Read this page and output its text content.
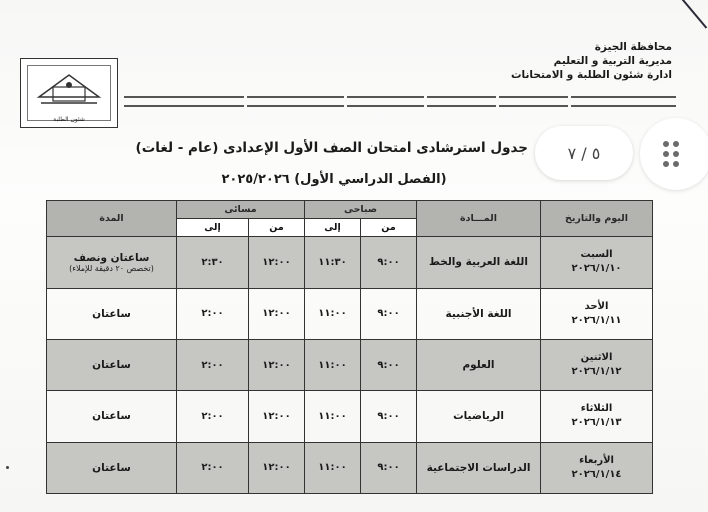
محافظة الجيزة
مديرية التربية و التعليم
ادارة شئون الطلبة و الامتحانات
شئون الطلبة
جدول استرشادى امتحان الصف الأول الإعدادى (عام - لغات)
(الفصل الدراسي الأول) ٢٠٢٥/٢٠٢٦
٥ / ٧
اليوم والتاريخ	المـــادة	صباحى		مسائى		المدة
		من	إلى	من	إلى	
السبت
٢٠٢٦/١/١٠	اللغة العربية والخط	٩:٠٠	١١:٣٠	١٢:٠٠	٢:٣٠	ساعتان ونصف
(تخصص ٢٠ دقيقة للإملاء)

الأحد
٢٠٢٦/١/١١	اللغة الأجنبية	٩:٠٠	١١:٠٠	١٢:٠٠	٢:٠٠	ساعتان
الاثنين
٢٠٢٦/١/١٢	العلوم	٩:٠٠	١١:٠٠	١٢:٠٠	٢:٠٠	ساعتان
الثلاثاء
٢٠٢٦/١/١٣	الرياضيات	٩:٠٠	١١:٠٠	١٢:٠٠	٢:٠٠	ساعتان
الأربعاء
٢٠٢٦/١/١٤	الدراسات الاجتماعية	٩:٠٠	١١:٠٠	١٢:٠٠	٢:٠٠	ساعتان
